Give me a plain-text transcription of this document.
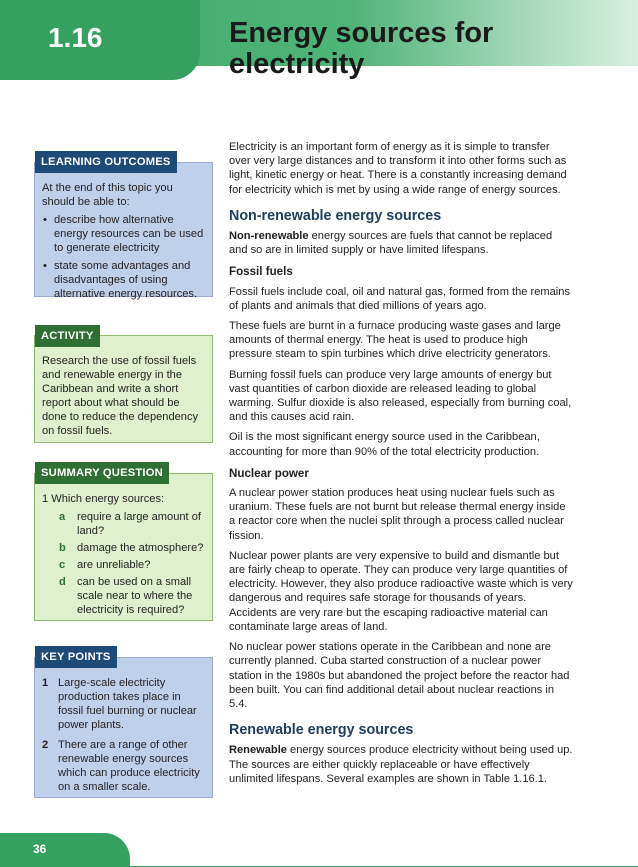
1.16	Energy sources for
electricity
LEARNING OUTCOMES
At the end of this topic you should be able to:
• describe how alternative energy resources can be used to generate electricity
• state some advantages and disadvantages of using alternative energy resources.
ACTIVITY
Research the use of fossil fuels and renewable energy in the Caribbean and write a short report about what should be done to reduce the dependency on fossil fuels.
SUMMARY QUESTION
1 Which energy sources:
a require a large amount of land?
b damage the atmosphere?
c are unreliable?
d can be used on a small scale near to where the electricity is required?
KEY POINTS
1 Large-scale electricity production takes place in fossil fuel burning or nuclear power plants.
2 There are a range of other renewable energy sources which can produce electricity on a smaller scale.

Electricity is an important form of energy as it is simple to transfer over very large distances and to transform it into other forms such as light, kinetic energy or heat. There is a constantly increasing demand for electricity which is met by using a wide range of energy sources.

Non-renewable energy sources

Non-renewable energy sources are fuels that cannot be replaced and so are in limited supply or have limited lifespans.

Fossil fuels

Fossil fuels include coal, oil and natural gas, formed from the remains of plants and animals that died millions of years ago.

These fuels are burnt in a furnace producing waste gases and large amounts of thermal energy. The heat is used to produce high pressure steam to spin turbines which drive electricity generators.

Burning fossil fuels can produce very large amounts of energy but vast quantities of carbon dioxide are released leading to global warming. Sulfur dioxide is also released, especially from burning coal, and this causes acid rain.

Oil is the most significant energy source used in the Caribbean, accounting for more than 90% of the total electricity production.

Nuclear power

A nuclear power station produces heat using nuclear fuels such as uranium. These fuels are not burnt but release thermal energy inside a reactor core when the nuclei split through a process called nuclear fission.

Nuclear power plants are very expensive to build and dismantle but are fairly cheap to operate. They can produce very large quantities of electricity. However, they also produce radioactive waste which is very dangerous and requires safe storage for thousands of years. Accidents are very rare but the escaping radioactive material can contaminate large areas of land.

No nuclear power stations operate in the Caribbean and none are currently planned. Cuba started construction of a nuclear power station in the 1980s but abandoned the project before the reactor had been built. You can find additional detail about nuclear reactions in 5.4.

Renewable energy sources

Renewable energy sources produce electricity without being used up. The sources are either quickly replaceable or have effectively unlimited lifespans. Several examples are shown in Table 1.16.1.

36
